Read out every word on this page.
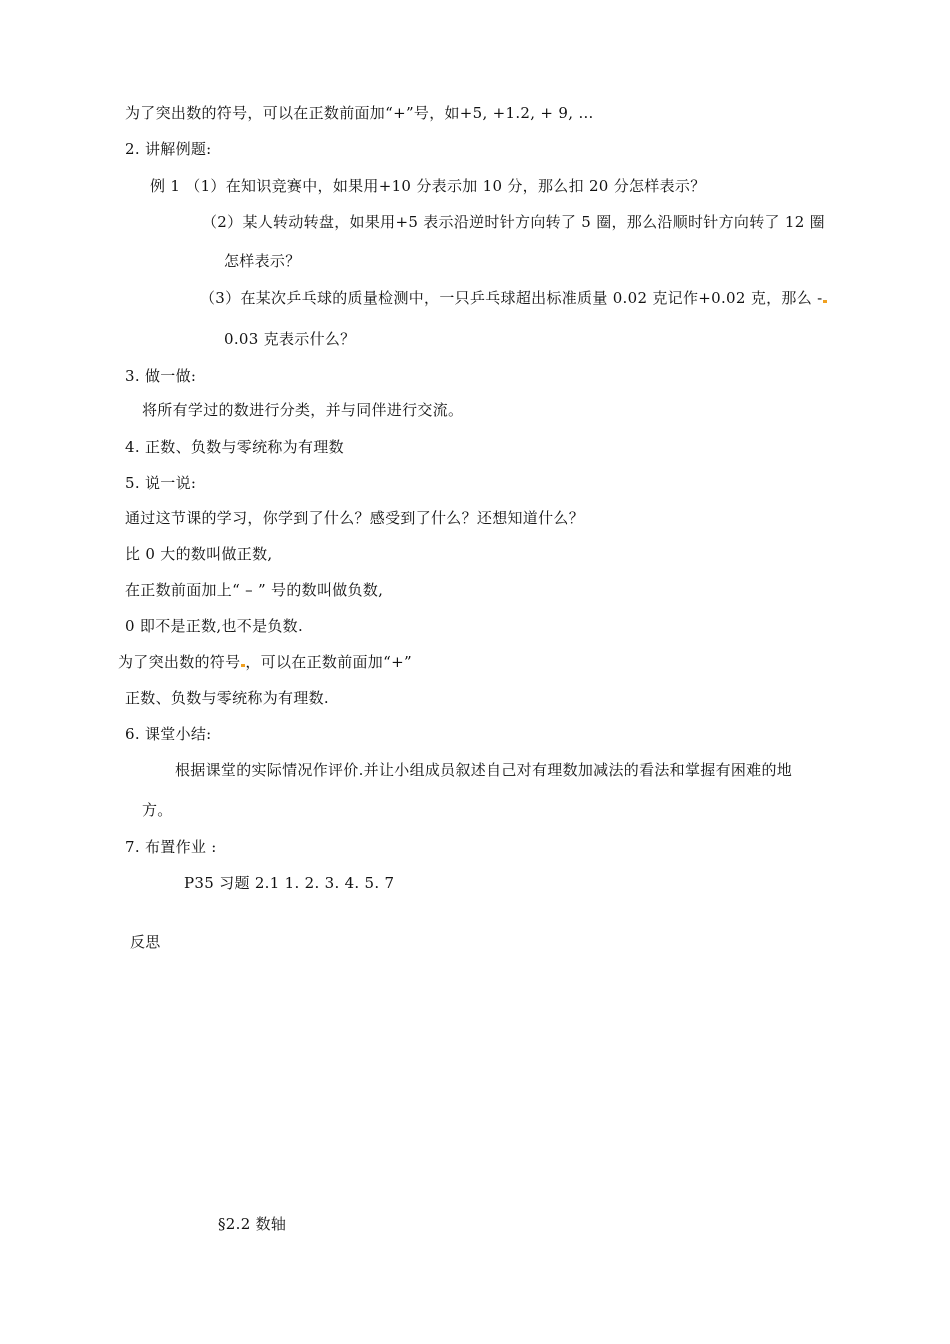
为了突出数的符号，可以在正数前面加“+”号，如+5, +1.2, + 9, …
2. 讲解例题:
例 1 （1）在知识竞赛中，如果用+10 分表示加 10 分，那么扣 20 分怎样表示？
（2）某人转动转盘，如果用+5 表示沿逆时针方向转了 5 圈，那么沿顺时针方向转了 12 圈
怎样表示？
（3）在某次乒乓球的质量检测中，一只乒乓球超出标准质量 0.02 克记作+0.02 克，那么 -
0.03 克表示什么？
3. 做一做:
将所有学过的数进行分类，并与同伴进行交流。
4. 正数、负数与零统称为有理数
5. 说一说:
通过这节课的学习，你学到了什么？感受到了什么？还想知道什么？
比 0 大的数叫做正数,
在正数前面加上“ – ” 号的数叫做负数,
0 即不是正数,也不是负数.
为了突出数的符号 ，可以在正数前面加“+”
正数、负数与零统称为有理数.
6. 课堂小结:
根据课堂的实际情况作评价.并让小组成员叙述自己对有理数加减法的看法和掌握有困难的地
方。
7. 布置作业 :
P35 习题 2.1 1. 2. 3. 4. 5. 7
反思
§2.2 数轴
